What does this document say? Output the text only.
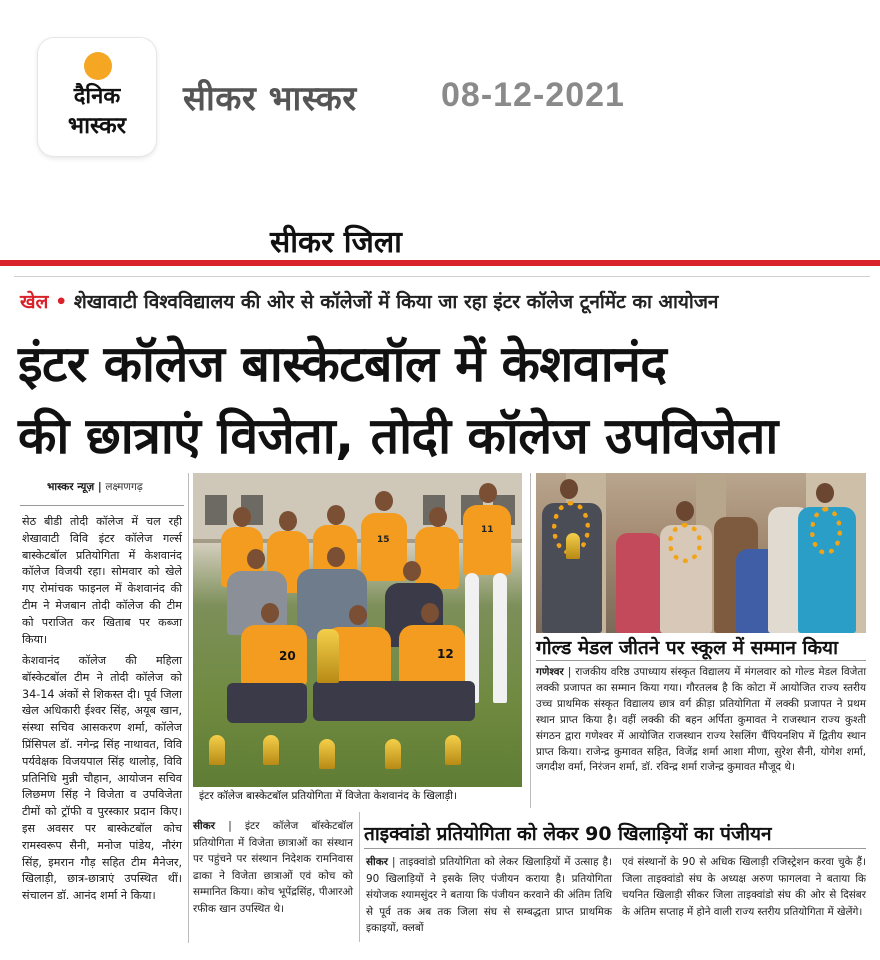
दैनिक
भास्कर
सीकर भास्कर 08-12-2021
सीकर जिला
खेल • शेखावाटी विश्वविद्यालय की ओर से कॉलेजों में किया जा रहा इंटर कॉलेज टूर्नामेंट का आयोजन
इंटर कॉलेज बास्केटबॉल में केशवानंद
की छात्राएं विजेता, तोदी कॉलेज उपविजेता
भास्कर न्यूज़ | लक्ष्मणगढ़
सेठ बीडी तोदी कॉलेज में चल रही शेखावाटी विवि इंटर कॉलेज गर्ल्स बास्केटबॉल प्रतियोगिता में केशवानंद कॉलेज विजयी रहा। सोमवार को खेले गए रोमांचक फाइनल में केशवानंद की टीम ने मेजबान तोदी कॉलेज की टीम को पराजित कर खिताब पर कब्जा किया।
केशवानंद कॉलेज की महिला बॉस्केटबॉल टीम ने तोदी कॉलेज को 34-14 अंकों से शिकस्त दी। पूर्व जिला खेल अधिकारी ईश्वर सिंह, अयूब खान, संस्था सचिव आसकरण शर्मा, कॉलेज प्रिंसिपल डॉ. नगेन्द्र सिंह नाथावत, विवि पर्यवेक्षक विजयपाल सिंह थालोड़, विवि प्रतिनिधि मुन्नी चौहान, आयोजन सचिव लिछमण सिंह ने विजेता व उपविजेता टीमों को ट्रॉफी व पुरस्कार प्रदान किए। इस अवसर पर बास्केटबॉल कोच रामस्वरूप सैनी, मनोज पांडेय, नौरंग सिंह, इमरान गौड़ सहित टीम मैनेजर, खिलाड़ी, छात्र-छात्राएं उपस्थित थीं। संचालन डॉ. आनंद शर्मा ने किया।
15
11
20	12
इंटर कॉलेज बास्केटबॉल प्रतियोगिता में विजेता केशवानंद के खिलाड़ी।
गोल्ड मेडल जीतने पर स्कूल में सम्मान किया
गणेश्वर | राजकीय वरिष्ठ उपाध्याय संस्कृत विद्यालय में मंगलवार को गोल्ड मेडल विजेता लक्की प्रजापत का सम्मान किया गया। गौरतलब है कि कोटा में आयोजित राज्य स्तरीय उच्च प्राथमिक संस्कृत विद्यालय छात्र वर्ग क्रीड़ा प्रतियोगिता में लक्की प्रजापत ने प्रथम स्थान प्राप्त किया है। वहीं लक्की की बहन अर्पिता कुमावत ने राजस्थान राज्य कुश्ती संगठन द्वारा गणेश्वर में आयोजित राजस्थान राज्य रेसलिंग चैंपियनशिप में द्वितीय स्थान प्राप्त किया। राजेन्द्र कुमावत सहित, विजेंद्र शर्मा आशा मीणा, सुरेश सैनी, योगेश शर्मा, जगदीश वर्मा, निरंजन शर्मा, डॉ. रविन्द्र शर्मा राजेन्द्र कुमावत मौजूद थे।
सीकर | इंटर कॉलेज बॉस्केटबॉल प्रतियोगिता में विजेता छात्राओं का संस्थान पर पहुंचने पर संस्थान निदेशक रामनिवास ढाका ने विजेता छात्राओं एवं कोच को सम्मानित किया। कोच भूपेंद्रसिंह, पीआरओ रफीक खान उपस्थित थे।
ताइक्वांडो प्रतियोगिता को लेकर 90 खिलाड़ियों का पंजीयन
सीकर | ताइक्वांडो प्रतियोगिता को लेकर खिलाड़ियों में उत्साह है। 90 खिलाड़ियों ने इसके लिए पंजीयन कराया है। प्रतियोगिता संयोजक श्यामसुंदर ने बताया कि पंजीयन करवाने की अंतिम तिथि से पूर्व तक अब तक जिला संघ से सम्बद्धता प्राप्त प्राथमिक इकाइयों, क्लबों
एवं संस्थानों के 90 से अधिक खिलाड़ी रजिस्ट्रेशन करवा चुके हैं। जिला ताइक्वांडो संघ के अध्यक्ष अरुण फागलवा ने बताया कि चयनित खिलाड़ी सीकर जिला ताइक्वांडो संघ की ओर से दिसंबर के अंतिम सप्ताह में होने वाली राज्य स्तरीय प्रतियोगिता में खेलेंगे।
